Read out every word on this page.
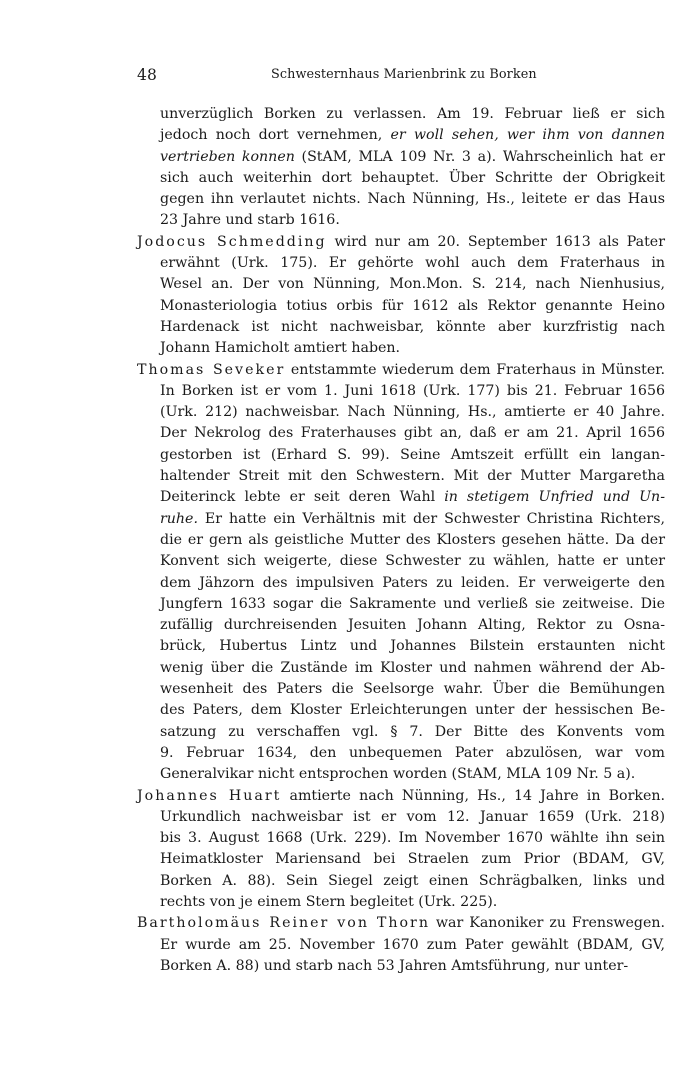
48	Schwesternhaus Marienbrink zu Borken
unverzüglich Borken zu verlassen. Am 19. Februar ließ er sich
jedoch noch dort vernehmen, er woll sehen, wer ihm von dannen
vertrieben konnen (StAM, MLA 109 Nr. 3 a). Wahrscheinlich hat er
sich auch weiterhin dort behauptet. Über Schritte der Obrigkeit
gegen ihn verlautet nichts. Nach Nünning, Hs., leitete er das Haus
23 Jahre und starb 1616.
Jodocus Schmedding wird nur am 20. September 1613 als Pater
erwähnt (Urk. 175). Er gehörte wohl auch dem Fraterhaus in
Wesel an. Der von Nünning, Mon.Mon. S. 214, nach Nienhusius,
Monasteriologia totius orbis für 1612 als Rektor genannte Heino
Hardenack ist nicht nachweisbar, könnte aber kurzfristig nach
Johann Hamicholt amtiert haben.
Thomas Seveker entstammte wiederum dem Fraterhaus in Münster.
In Borken ist er vom 1. Juni 1618 (Urk. 177) bis 21. Februar 1656
(Urk. 212) nachweisbar. Nach Nünning, Hs., amtierte er 40 Jahre.
Der Nekrolog des Fraterhauses gibt an, daß er am 21. April 1656
gestorben ist (Erhard S. 99). Seine Amtszeit erfüllt ein langan-
haltender Streit mit den Schwestern. Mit der Mutter Margaretha
Deiterinck lebte er seit deren Wahl in stetigem Unfried und Un-
ruhe. Er hatte ein Verhältnis mit der Schwester Christina Richters,
die er gern als geistliche Mutter des Klosters gesehen hätte. Da der
Konvent sich weigerte, diese Schwester zu wählen, hatte er unter
dem Jähzorn des impulsiven Paters zu leiden. Er verweigerte den
Jungfern 1633 sogar die Sakramente und verließ sie zeitweise. Die
zufällig durchreisenden Jesuiten Johann Alting, Rektor zu Osna-
brück, Hubertus Lintz und Johannes Bilstein erstaunten nicht
wenig über die Zustände im Kloster und nahmen während der Ab-
wesenheit des Paters die Seelsorge wahr. Über die Bemühungen
des Paters, dem Kloster Erleichterungen unter der hessischen Be-
satzung zu verschaffen vgl. § 7. Der Bitte des Konvents vom
9. Februar 1634, den unbequemen Pater abzulösen, war vom
Generalvikar nicht entsprochen worden (StAM, MLA 109 Nr. 5 a).
Johannes Huart amtierte nach Nünning, Hs., 14 Jahre in Borken.
Urkundlich nachweisbar ist er vom 12. Januar 1659 (Urk. 218)
bis 3. August 1668 (Urk. 229). Im November 1670 wählte ihn sein
Heimatkloster Mariensand bei Straelen zum Prior (BDAM, GV,
Borken A. 88). Sein Siegel zeigt einen Schrägbalken, links und
rechts von je einem Stern begleitet (Urk. 225).
Bartholomäus Reiner von Thorn war Kanoniker zu Frenswegen.
Er wurde am 25. November 1670 zum Pater gewählt (BDAM, GV,
Borken A. 88) und starb nach 53 Jahren Amtsführung, nur unter-
